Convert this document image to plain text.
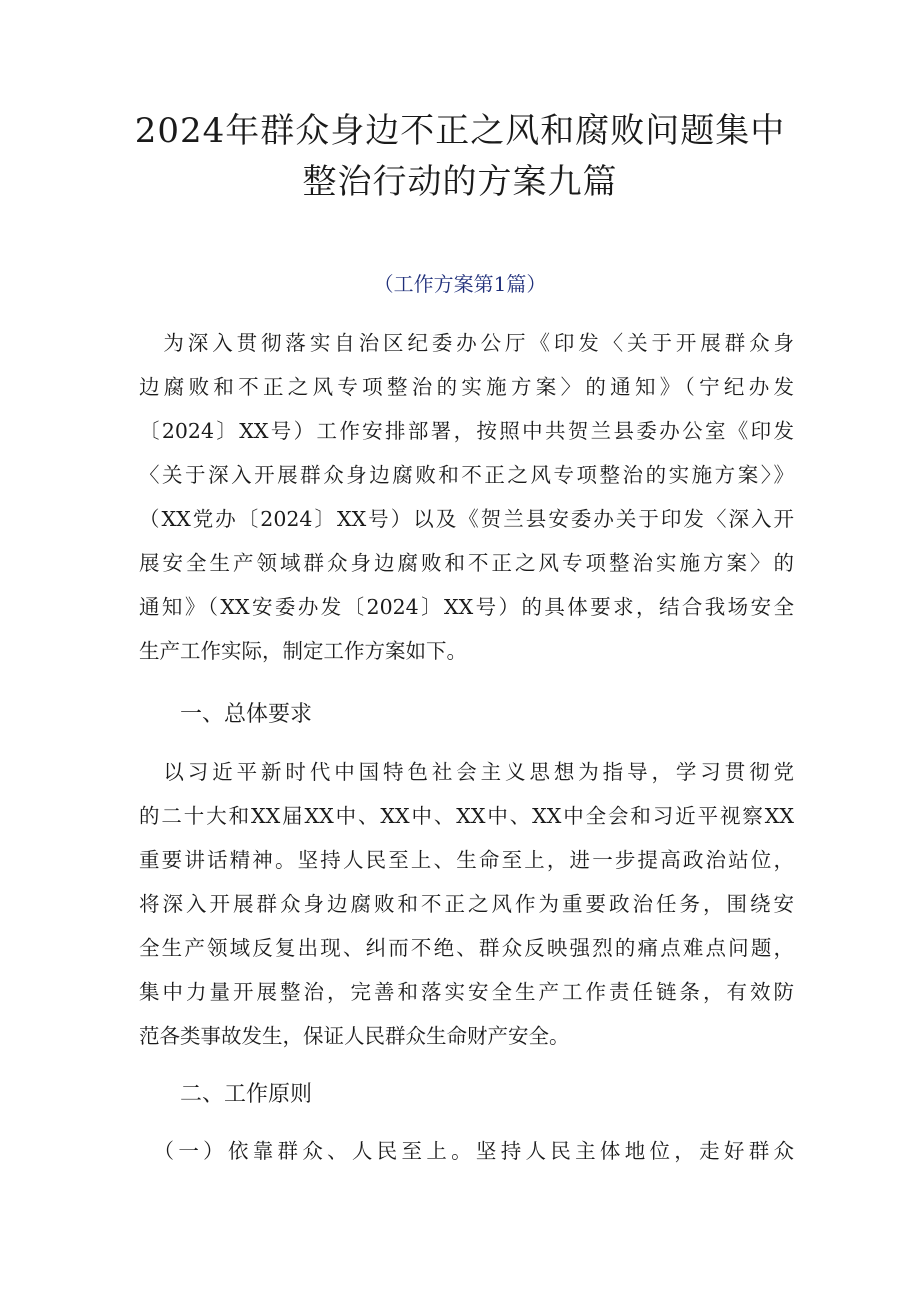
2024年群众身边不正之风和腐败问题集中
整治行动的方案九篇
（工作方案第1篇）
　为深入贯彻落实自治区纪委办公厅《印发〈关于开展群众身
边腐败和不正之风专项整治的实施方案〉的通知》（宁纪办发
〔2024〕XX号）工作安排部署，按照中共贺兰县委办公室《印发
〈关于深入开展群众身边腐败和不正之风专项整治的实施方案〉》
（XX党办〔2024〕XX号）以及《贺兰县安委办关于印发〈深入开
展安全生产领域群众身边腐败和不正之风专项整治实施方案〉的
通知》（XX安委办发〔2024〕XX号）的具体要求，结合我场安全
生产工作实际，制定工作方案如下。
一、总体要求
　以习近平新时代中国特色社会主义思想为指导，学习贯彻党
的二十大和XX届XX中、XX中、XX中、XX中全会和习近平视察XX
重要讲话精神。坚持人民至上、生命至上，进一步提高政治站位，
将深入开展群众身边腐败和不正之风作为重要政治任务，围绕安
全生产领域反复出现、纠而不绝、群众反映强烈的痛点难点问题，
集中力量开展整治，完善和落实安全生产工作责任链条，有效防
范各类事故发生，保证人民群众生命财产安全。
二、工作原则
　（一）依靠群众、人民至上。坚持人民主体地位，走好群众
